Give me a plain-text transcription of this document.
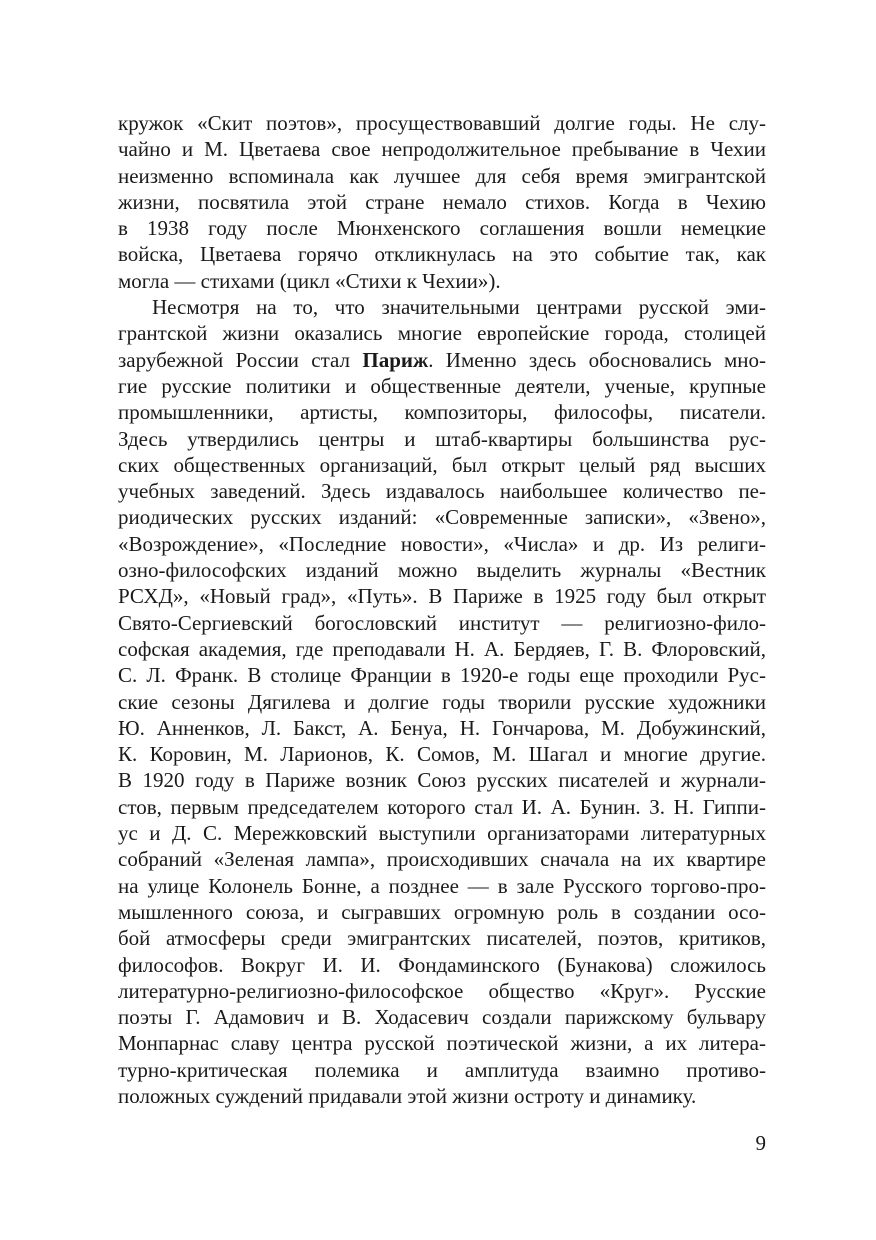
кружок «Скит поэтов», просуществовавший долгие годы. Не слу-
чайно и М. Цветаева свое непродолжительное пребывание в Чехии
неизменно вспоминала как лучшее для себя время эмигрантской
жизни, посвятила этой стране немало стихов. Когда в Чехию
в 1938 году после Мюнхенского соглашения вошли немецкие
войска, Цветаева горячо откликнулась на это событие так, как
могла — стихами (цикл «Стихи к Чехии»).
Несмотря на то, что значительными центрами русской эми-
грантской жизни оказались многие европейские города, столицей
зарубежной России стал Париж. Именно здесь обосновались мно-
гие русские политики и общественные деятели, ученые, крупные
промышленники, артисты, композиторы, философы, писатели.
Здесь утвердились центры и штаб-квартиры большинства рус-
ских общественных организаций, был открыт целый ряд высших
учебных заведений. Здесь издавалось наибольшее количество пе-
риодических русских изданий: «Современные записки», «Звено»,
«Возрождение», «Последние новости», «Числа» и др. Из религи-
озно-философских изданий можно выделить журналы «Вестник
РСХД», «Новый град», «Путь». В Париже в 1925 году был открыт
Свято-Сергиевский богословский институт — религиозно-фило-
софская академия, где преподавали Н. А. Бердяев, Г. В. Флоровский,
С. Л. Франк. В столице Франции в 1920-е годы еще проходили Рус-
ские сезоны Дягилева и долгие годы творили русские художники
Ю. Анненков, Л. Бакст, А. Бенуа, Н. Гончарова, М. Добужинский,
К. Коровин, М. Ларионов, К. Сомов, М. Шагал и многие другие.
В 1920 году в Париже возник Союз русских писателей и журнали-
стов, первым председателем которого стал И. А. Бунин. З. Н. Гиппи-
ус и Д. С. Мережковский выступили организаторами литературных
собраний «Зеленая лампа», происходивших сначала на их квартире
на улице Колонель Бонне, а позднее — в зале Русского торгово-про-
мышленного союза, и сыгравших огромную роль в создании осо-
бой атмосферы среди эмигрантских писателей, поэтов, критиков,
философов. Вокруг И. И. Фондаминского (Бунакова) сложилось
литературно-религиозно-философское общество «Круг». Русские
поэты Г. Адамович и В. Ходасевич создали парижскому бульвару
Монпарнас славу центра русской поэтической жизни, а их литера-
турно-критическая полемика и амплитуда взаимно противо-
положных суждений придавали этой жизни остроту и динамику.
9
